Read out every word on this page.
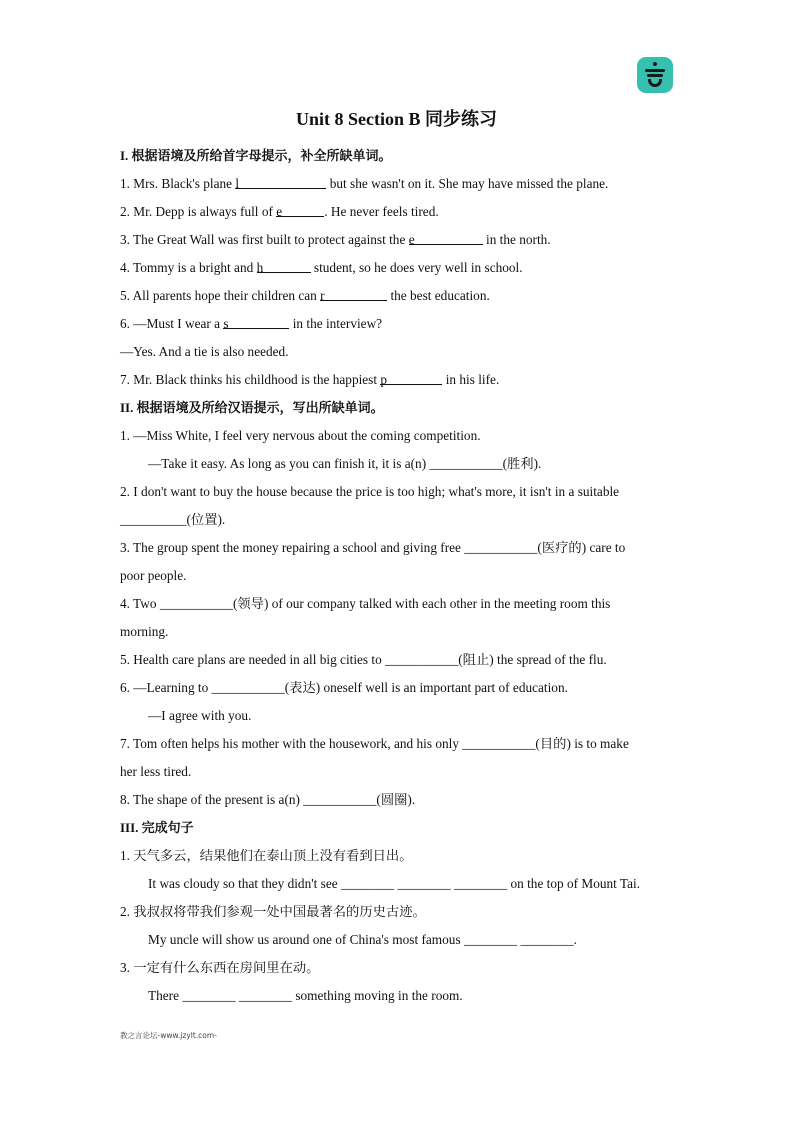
Unit 8 Section B 同步练习
I. 根据语境及所给首字母提示，补全所缺单词。
1. Mrs. Black's plane l	but she wasn't on it. She may have missed the plane.
2. Mr. Depp is always full of e	. He never feels tired.
3. The Great Wall was first built to protect against the e	in the north.
4. Tommy is a bright and h	student, so he does very well in school.
5. All parents hope their children can r	the best education.
6. —Must I wear a s	in the interview?
—Yes. And a tie is also needed.
7. Mr. Black thinks his childhood is the happiest p	in his life.
II. 根据语境及所给汉语提示，写出所缺单词。
1. —Miss White, I feel very nervous about the coming competition.
—Take it easy. As long as you can finish it, it is a(n) ___________(胜利).
2. I don't want to buy the house because the price is too high; what's more, it isn't in a suitable
__________(位置).
3. The group spent the money repairing a school and giving free ___________(医疗的) care to
poor people.
4. Two ___________(领导) of our company talked with each other in the meeting room this
morning.
5. Health care plans are needed in all big cities to ___________(阻止) the spread of the flu.
6. —Learning to ___________(表达) oneself well is an important part of education.
—I agree with you.
7. Tom often helps his mother with the housework, and his only ___________(目的) is to make
her less tired.
8. The shape of the present is a(n) ___________(圆圈).
III. 完成句子
1. 天气多云，结果他们在泰山顶上没有看到日出。
It was cloudy so that they didn't see ________ ________ ________ on the top of Mount Tai.
2. 我叔叔将带我们参观一处中国最著名的历史古迹。
My uncle will show us around one of China's most famous ________ ________.
3. 一定有什么东西在房间里在动。
There ________ ________ something moving in the room.
教之言论坛-www.jzylt.com-
